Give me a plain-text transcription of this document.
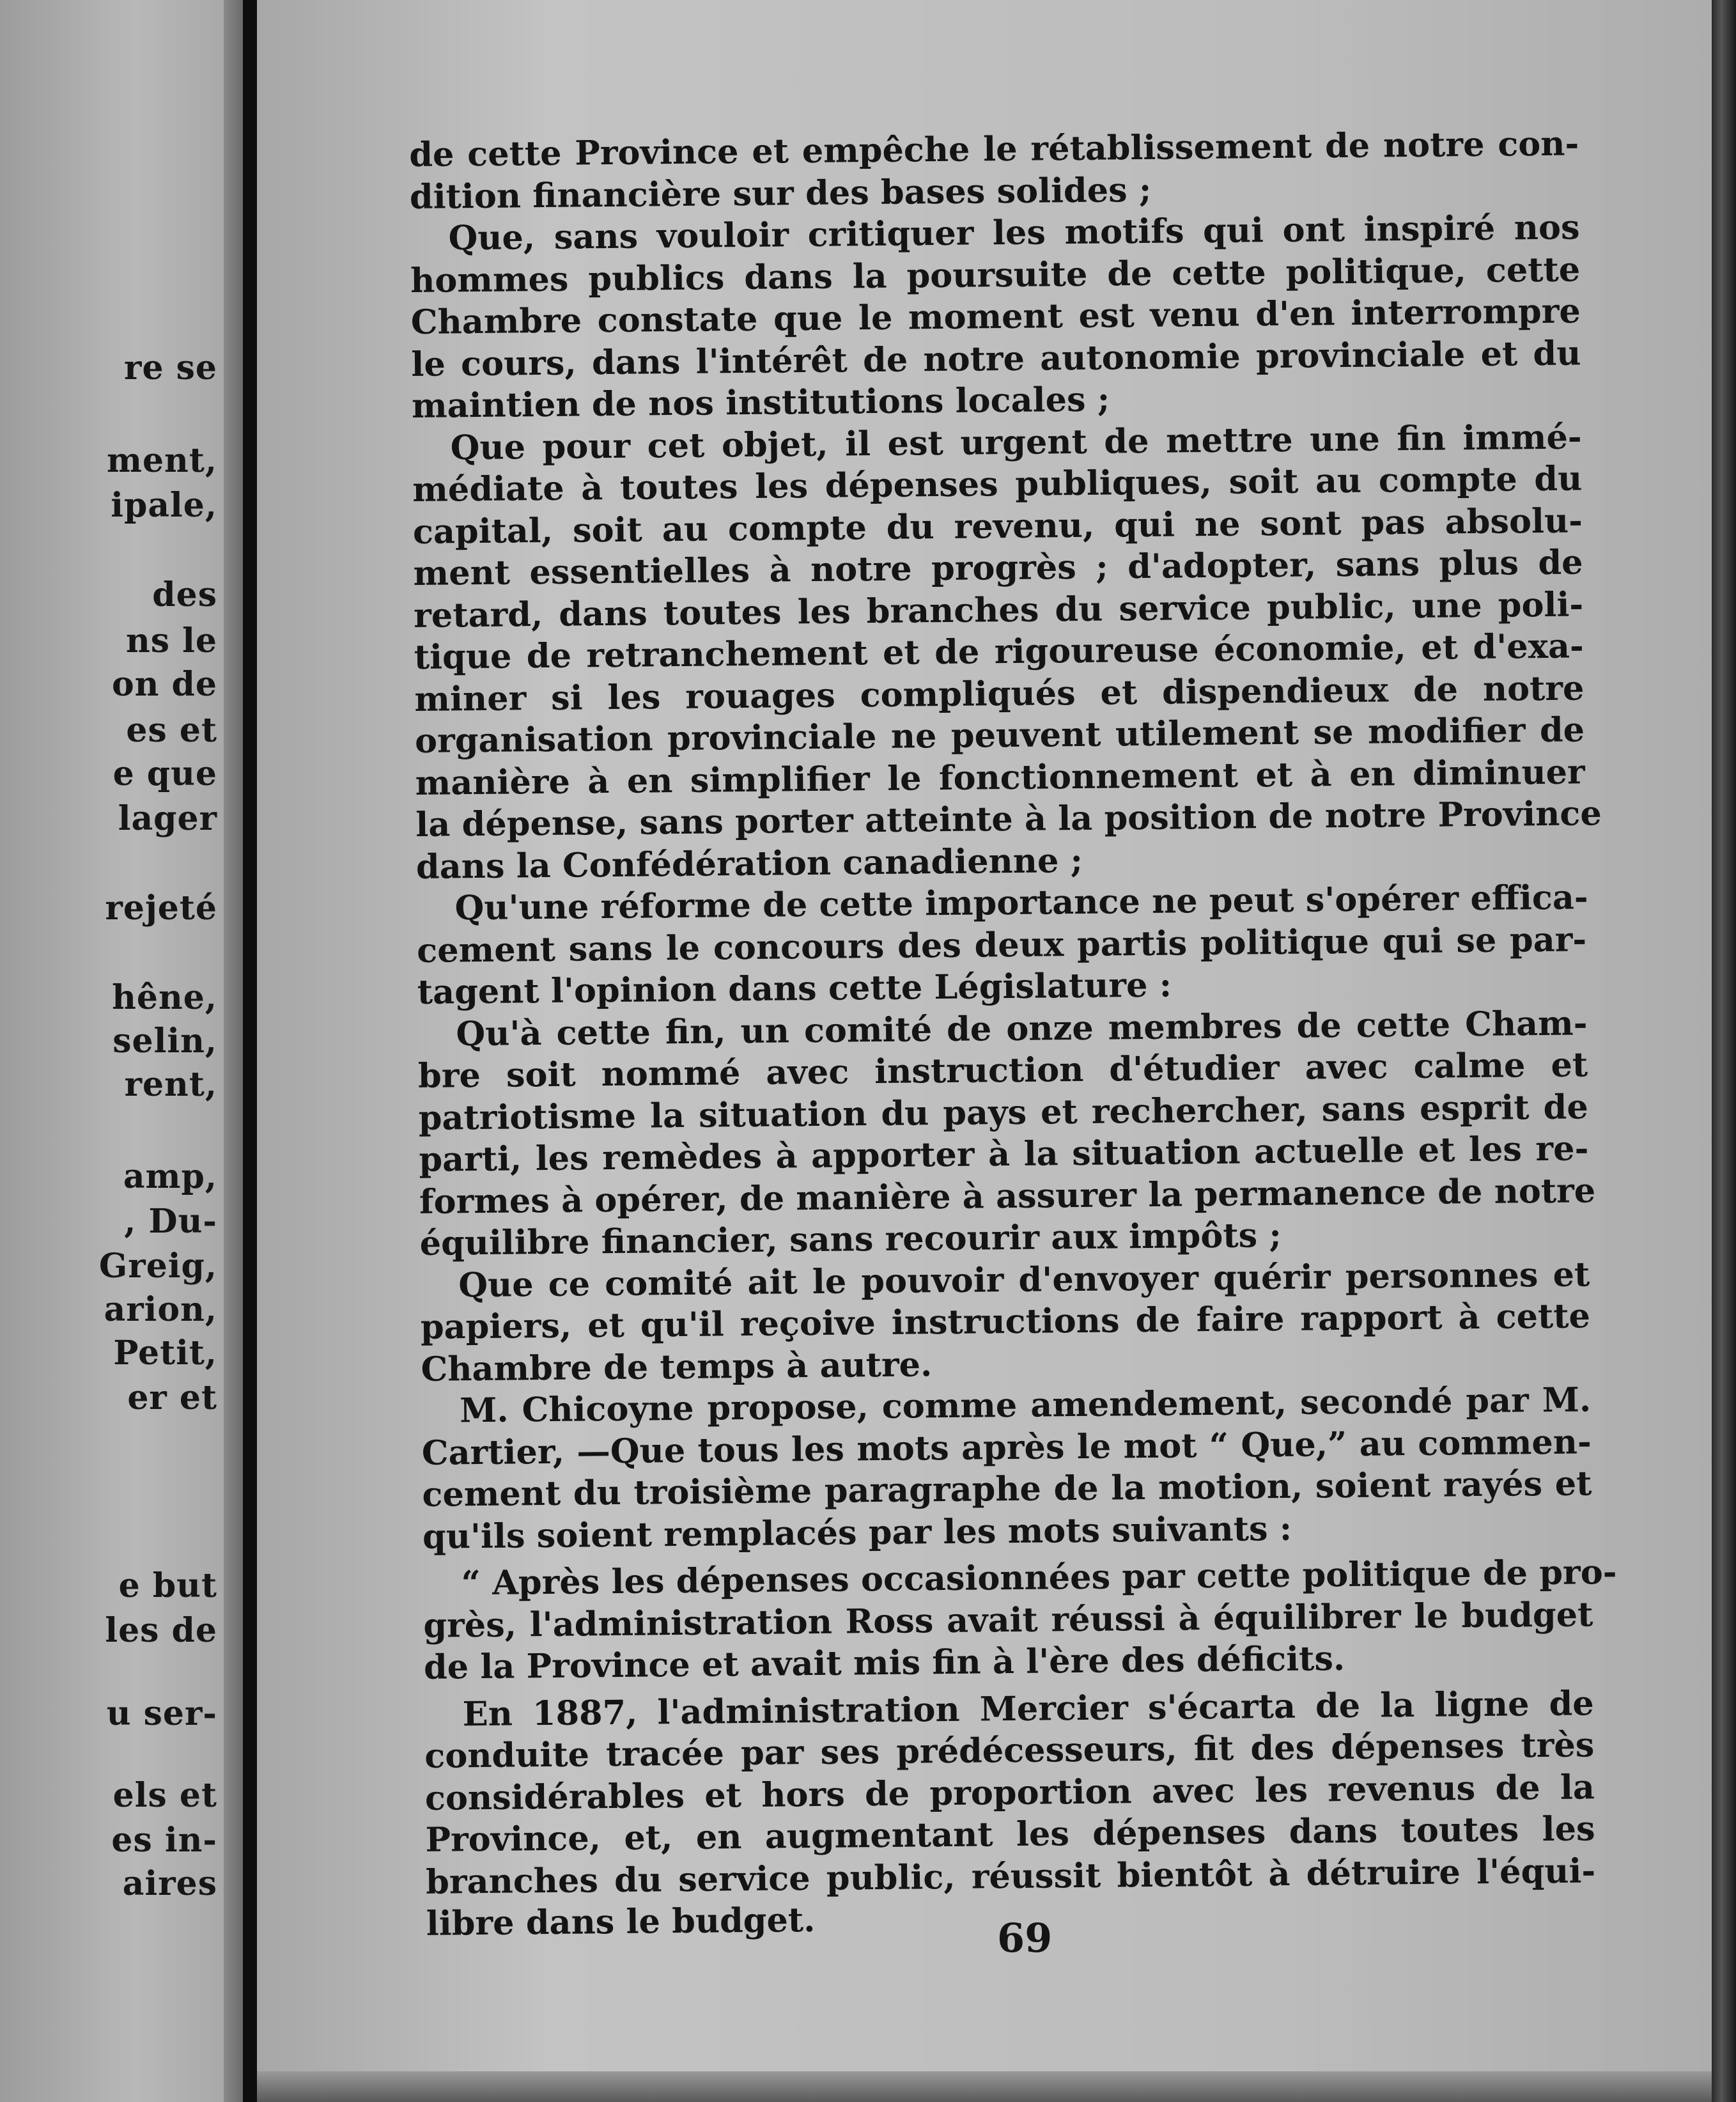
re se
ment,
ipale,
des
ns le
on de
es et
e que
lager
rejeté
hêne,
selin,
rent,
amp,
, Du-
Greig,
arion,
Petit,
er et
e but
les de
u ser-
els et
es in-
aires
de cette Province et empêche le rétablissement de notre con-
dition financière sur des bases solides ;
Que, sans vouloir critiquer les motifs qui ont inspiré nos
hommes publics dans la poursuite de cette politique, cette
Chambre constate que le moment est venu d'en interrompre
le cours, dans l'intérêt de notre autonomie provinciale et du
maintien de nos institutions locales ;
Que pour cet objet, il est urgent de mettre une fin immé-
médiate à toutes les dépenses publiques, soit au compte du
capital, soit au compte du revenu, qui ne sont pas absolu-
ment essentielles à notre progrès ; d'adopter, sans plus de
retard, dans toutes les branches du service public, une poli-
tique de retranchement et de rigoureuse économie, et d'exa-
miner si les rouages compliqués et dispendieux de notre
organisation provinciale ne peuvent utilement se modifier de
manière à en simplifier le fonctionnement et à en diminuer
la dépense, sans porter atteinte à la position de notre Province
dans la Confédération canadienne ;
Qu'une réforme de cette importance ne peut s'opérer effica-
cement sans le concours des deux partis politique qui se par-
tagent l'opinion dans cette Législature :
Qu'à cette fin, un comité de onze membres de cette Cham-
bre soit nommé avec instruction d'étudier avec calme et
patriotisme la situation du pays et rechercher, sans esprit de
parti, les remèdes à apporter à la situation actuelle et les re-
formes à opérer, de manière à assurer la permanence de notre
équilibre financier, sans recourir aux impôts ;
Que ce comité ait le pouvoir d'envoyer quérir personnes et
papiers, et qu'il reçoive instructions de faire rapport à cette
Chambre de temps à autre.
M. Chicoyne propose, comme amendement, secondé par M.
Cartier, —Que tous les mots après le mot “ Que,” au commen-
cement du troisième paragraphe de la motion, soient rayés et
qu'ils soient remplacés par les mots suivants :
“ Après les dépenses occasionnées par cette politique de pro-
grès, l'administration Ross avait réussi à équilibrer le budget
de la Province et avait mis fin à l'ère des déficits.
En 1887, l'administration Mercier s'écarta de la ligne de
conduite tracée par ses prédécesseurs, fit des dépenses très
considérables et hors de proportion avec les revenus de la
Province, et, en augmentant les dépenses dans toutes les
branches du service public, réussit bientôt à détruire l'équi-
libre dans le budget.	69
